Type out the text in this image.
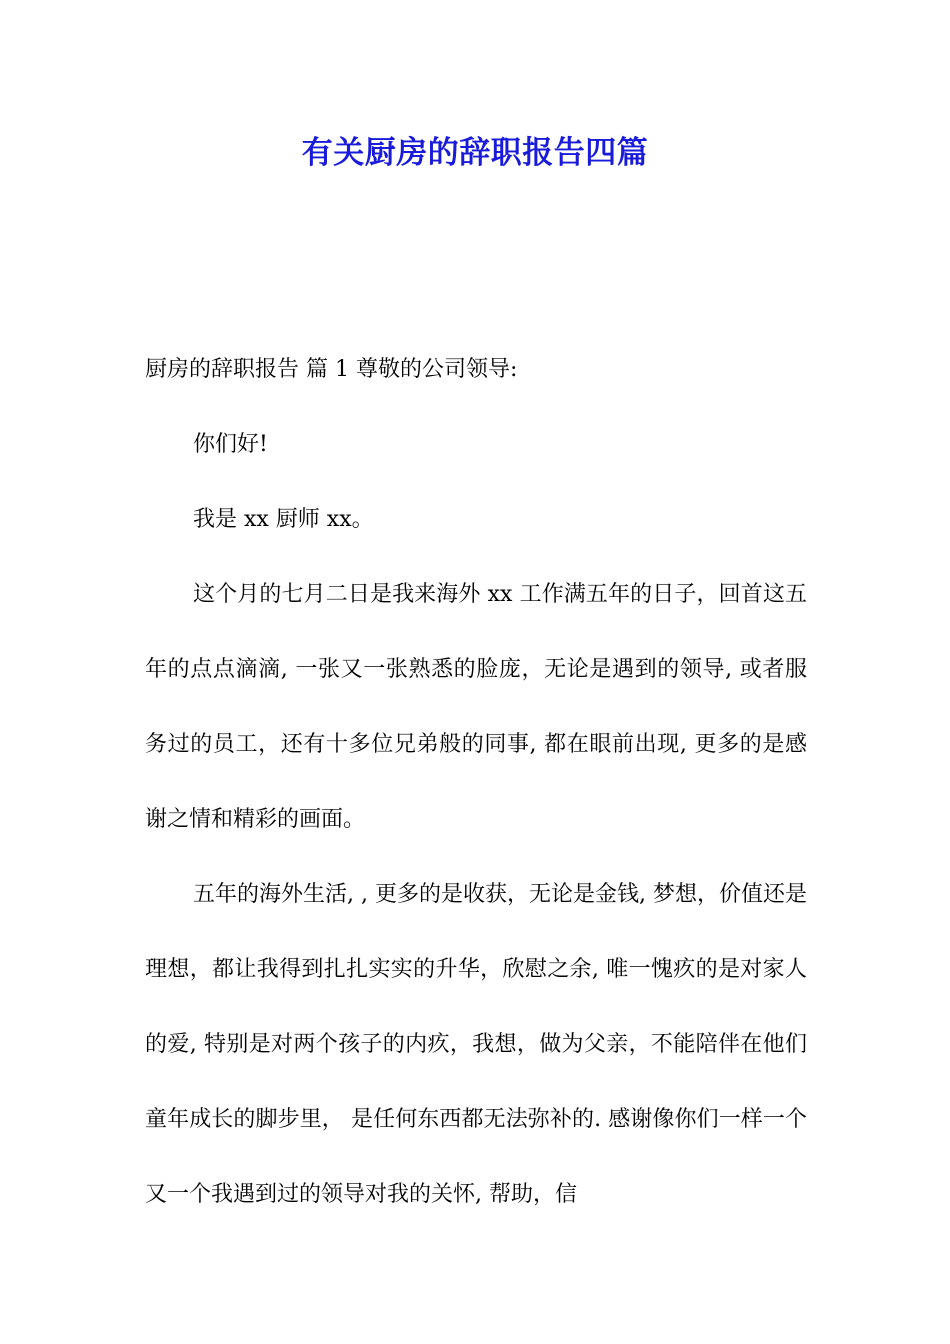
有关厨房的辞职报告四篇

厨房的辞职报告 篇 1 尊敬的公司领导:

你们好!

我是 xx 厨师 xx。

这个月的七月二日是我来海外 xx 工作满五年的日子，回首这五年的点点滴滴, 一张又一张熟悉的脸庞，无论是遇到的领导, 或者服务过的员工，还有十多位兄弟般的同事, 都在眼前出现, 更多的是感谢之情和精彩的画面。

五年的海外生活, , 更多的是收获，无论是金钱, 梦想，价值还是理想，都让我得到扎扎实实的升华，欣慰之余, 唯一愧疚的是对家人的爱, 特别是对两个孩子的内疚，我想，做为父亲，不能陪伴在他们童年成长的脚步里， 是任何东西都无法弥补的. 感谢像你们一样一个又一个我遇到过的领导对我的关怀, 帮助，信
